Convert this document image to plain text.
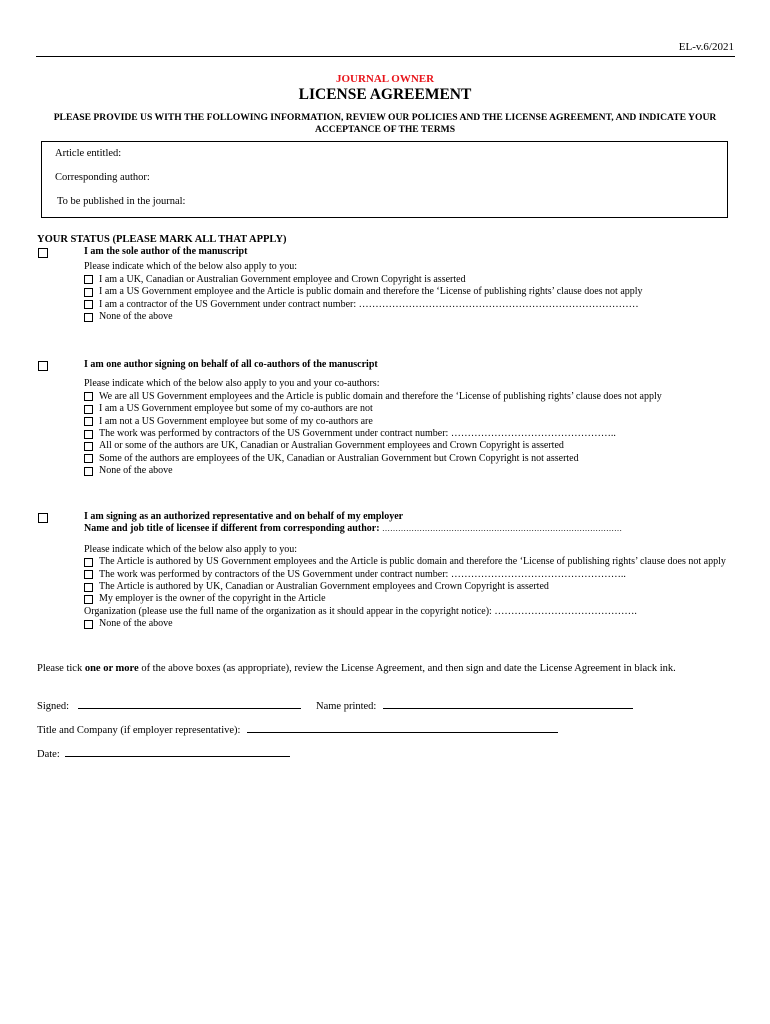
EL-v.6/2021
JOURNAL OWNER
LICENSE AGREEMENT
PLEASE PROVIDE US WITH THE FOLLOWING INFORMATION, REVIEW OUR POLICIES AND THE LICENSE AGREEMENT, AND INDICATE YOUR ACCEPTANCE OF THE TERMS
Article entitled:
Corresponding author:
To be published in the journal:
YOUR STATUS (PLEASE MARK ALL THAT APPLY)
I am the sole author of the manuscript
Please indicate which of the below also apply to you:
I am a UK, Canadian or Australian Government employee and Crown Copyright is asserted
I am a US Government employee and the Article is public domain and therefore the ‘License of publishing rights’ clause does not apply
I am a contractor of the US Government under contract number: …………………………………………………………………………
None of the above
I am one author signing on behalf of all co-authors of the manuscript
Please indicate which of the below also apply to you and your co-authors:
We are all US Government employees and the Article is public domain and therefore the ‘License of publishing rights’ clause does not apply
I am a US Government employee but some of my co-authors are not
I am not a US Government employee but some of my co-authors are
The work was performed by contractors of the US Government under contract number: …………………………………………..
All or some of the authors are UK, Canadian or Australian Government employees and Crown Copyright is asserted
Some of the authors are employees of the UK, Canadian or Australian Government but Crown Copyright is not asserted
None of the above
I am signing as an authorized representative and on behalf of my employer
Name and job title of licensee if different from corresponding author: ………………………………………………………………………………
Please indicate which of the below also apply to you:
The Article is authored by US Government employees and the Article is public domain and therefore the ‘License of publishing rights’ clause does not apply
The work was performed by contractors of the US Government under contract number: ……………………………………………..
The Article is authored by UK, Canadian or Australian Government employees and Crown Copyright is asserted
My employer is the owner of the copyright in the Article
Organization (please use the full name of the organization as it should appear in the copyright notice): …………………………………….
None of the above
Please tick one or more of the above boxes (as appropriate), review the License Agreement, and then sign and date the License Agreement in black ink.
Signed:	Name printed:
Title and Company (if employer representative):
Date:
